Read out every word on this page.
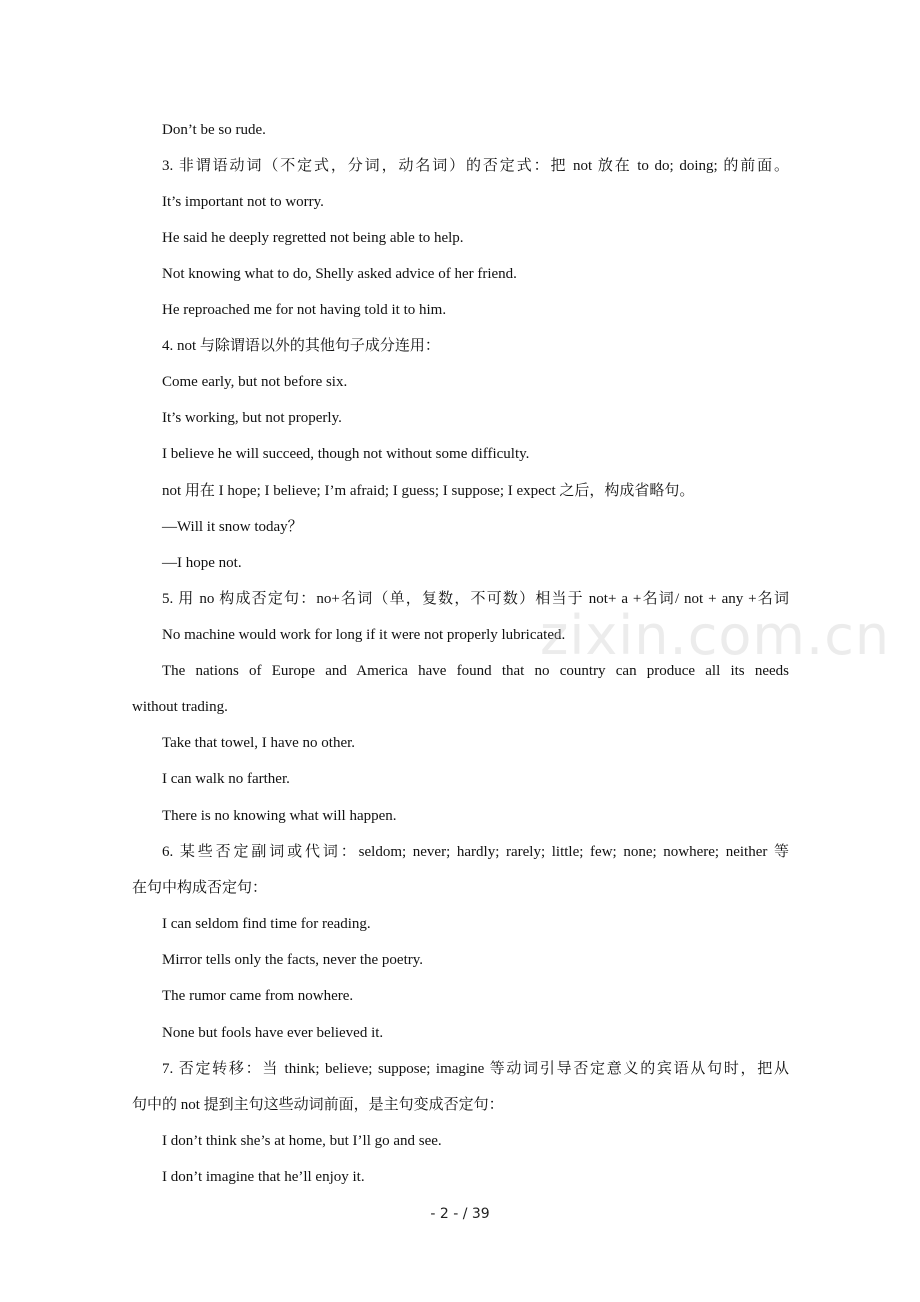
Don’t be so rude.
3. 非谓语动词（不定式，分词，动名词）的否定式：把 not 放在 to do; doing; 的前面。
It’s important not to worry.
He said he deeply regretted not being able to help.
Not knowing what to do, Shelly asked advice of her friend.
He reproached me for not having told it to him.
4. not 与除谓语以外的其他句子成分连用：
Come early, but not before six.
It’s working, but not properly.
I believe he will succeed, though not without some difficulty.
not 用在 I hope; I believe; I’m afraid; I guess; I suppose; I expect 之后，构成省略句。
—Will it snow today？
—I hope not.
5. 用 no 构成否定句：no+名词（单，复数，不可数）相当于 not+ a +名词/ not + any +名词
No machine would work for long if it were not properly lubricated.
The nations of Europe and America have found that no country can produce all its needs
without trading.
Take that towel, I have no other.
I can walk no farther.
There is no knowing what will happen.
6. 某些否定副词或代词：seldom; never; hardly; rarely; little; few; none; nowhere; neither 等
在句中构成否定句：
I can seldom find time for reading.
Mirror tells only the facts, never the poetry.
The rumor came from nowhere.
None but fools have ever believed it.
7. 否定转移：当 think; believe; suppose; imagine 等动词引导否定意义的宾语从句时，把从
句中的 not 提到主句这些动词前面，是主句变成否定句：
I don’t think she’s at home, but I’ll go and see.
I don’t imagine that he’ll enjoy it.
zixin.com.cn
- 2 - / 39
